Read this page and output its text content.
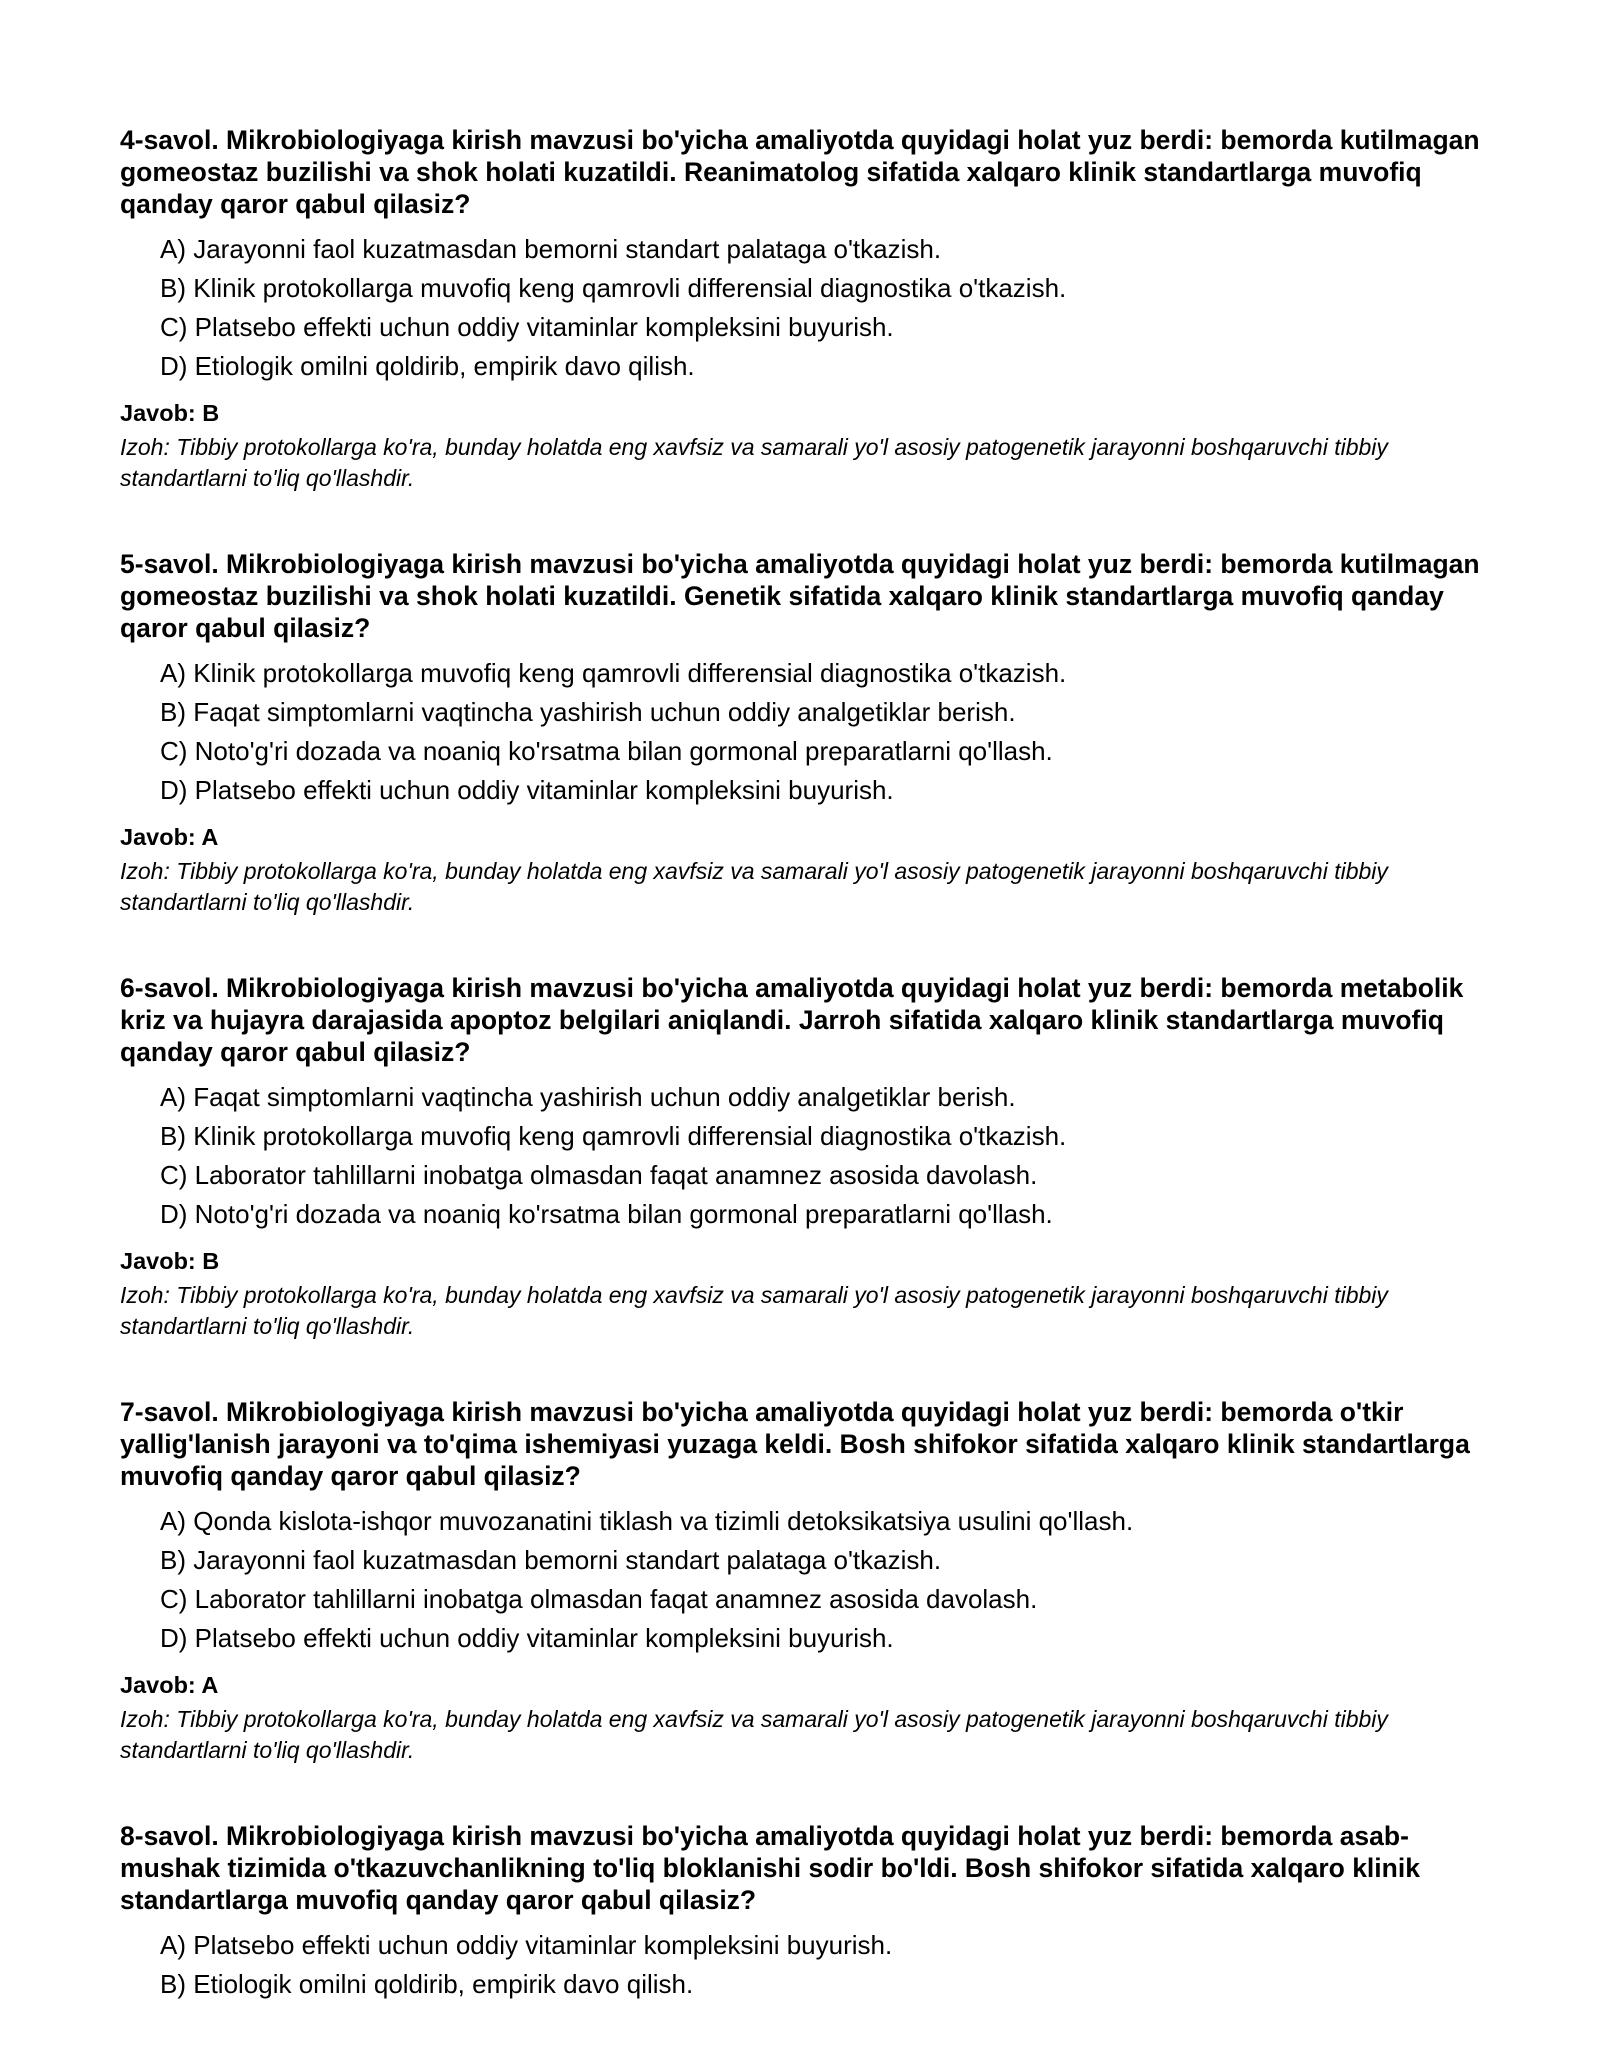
4-savol. Mikrobiologiyaga kirish mavzusi bo'yicha amaliyotda quyidagi holat yuz berdi: bemorda kutilmagan gomeostaz buzilishi va shok holati kuzatildi. Reanimatolog sifatida xalqaro klinik standartlarga muvofiq qanday qaror qabul qilasiz?

A) Jarayonni faol kuzatmasdan bemorni standart palataga o'tkazish.
B) Klinik protokollarga muvofiq keng qamrovli differensial diagnostika o'tkazish.
C) Platsebo effekti uchun oddiy vitaminlar kompleksini buyurish.
D) Etiologik omilni qoldirib, empirik davo qilish.
Javob: B
Izoh: Tibbiy protokollarga ko'ra, bunday holatda eng xavfsiz va samarali yo'l asosiy patogenetik jarayonni boshqaruvchi tibbiy standartlarni to'liq qo'llashdir.

5-savol. Mikrobiologiyaga kirish mavzusi bo'yicha amaliyotda quyidagi holat yuz berdi: bemorda kutilmagan gomeostaz buzilishi va shok holati kuzatildi. Genetik sifatida xalqaro klinik standartlarga muvofiq qanday qaror qabul qilasiz?

A) Klinik protokollarga muvofiq keng qamrovli differensial diagnostika o'tkazish.
B) Faqat simptomlarni vaqtincha yashirish uchun oddiy analgetiklar berish.
C) Noto'g'ri dozada va noaniq ko'rsatma bilan gormonal preparatlarni qo'llash.
D) Platsebo effekti uchun oddiy vitaminlar kompleksini buyurish.
Javob: A
Izoh: Tibbiy protokollarga ko'ra, bunday holatda eng xavfsiz va samarali yo'l asosiy patogenetik jarayonni boshqaruvchi tibbiy standartlarni to'liq qo'llashdir.

6-savol. Mikrobiologiyaga kirish mavzusi bo'yicha amaliyotda quyidagi holat yuz berdi: bemorda metabolik kriz va hujayra darajasida apoptoz belgilari aniqlandi. Jarroh sifatida xalqaro klinik standartlarga muvofiq qanday qaror qabul qilasiz?

A) Faqat simptomlarni vaqtincha yashirish uchun oddiy analgetiklar berish.
B) Klinik protokollarga muvofiq keng qamrovli differensial diagnostika o'tkazish.
C) Laborator tahlillarni inobatga olmasdan faqat anamnez asosida davolash.
D) Noto'g'ri dozada va noaniq ko'rsatma bilan gormonal preparatlarni qo'llash.
Javob: B
Izoh: Tibbiy protokollarga ko'ra, bunday holatda eng xavfsiz va samarali yo'l asosiy patogenetik jarayonni boshqaruvchi tibbiy standartlarni to'liq qo'llashdir.

7-savol. Mikrobiologiyaga kirish mavzusi bo'yicha amaliyotda quyidagi holat yuz berdi: bemorda o'tkir yallig'lanish jarayoni va to'qima ishemiyasi yuzaga keldi. Bosh shifokor sifatida xalqaro klinik standartlarga muvofiq qanday qaror qabul qilasiz?

A) Qonda kislota-ishqor muvozanatini tiklash va tizimli detoksikatsiya usulini qo'llash.
B) Jarayonni faol kuzatmasdan bemorni standart palataga o'tkazish.
C) Laborator tahlillarni inobatga olmasdan faqat anamnez asosida davolash.
D) Platsebo effekti uchun oddiy vitaminlar kompleksini buyurish.
Javob: A
Izoh: Tibbiy protokollarga ko'ra, bunday holatda eng xavfsiz va samarali yo'l asosiy patogenetik jarayonni boshqaruvchi tibbiy standartlarni to'liq qo'llashdir.

8-savol. Mikrobiologiyaga kirish mavzusi bo'yicha amaliyotda quyidagi holat yuz berdi: bemorda asab-mushak tizimida o'tkazuvchanlikning to'liq bloklanishi sodir bo'ldi. Bosh shifokor sifatida xalqaro klinik standartlarga muvofiq qanday qaror qabul qilasiz?

A) Platsebo effekti uchun oddiy vitaminlar kompleksini buyurish.
B) Etiologik omilni qoldirib, empirik davo qilish.
